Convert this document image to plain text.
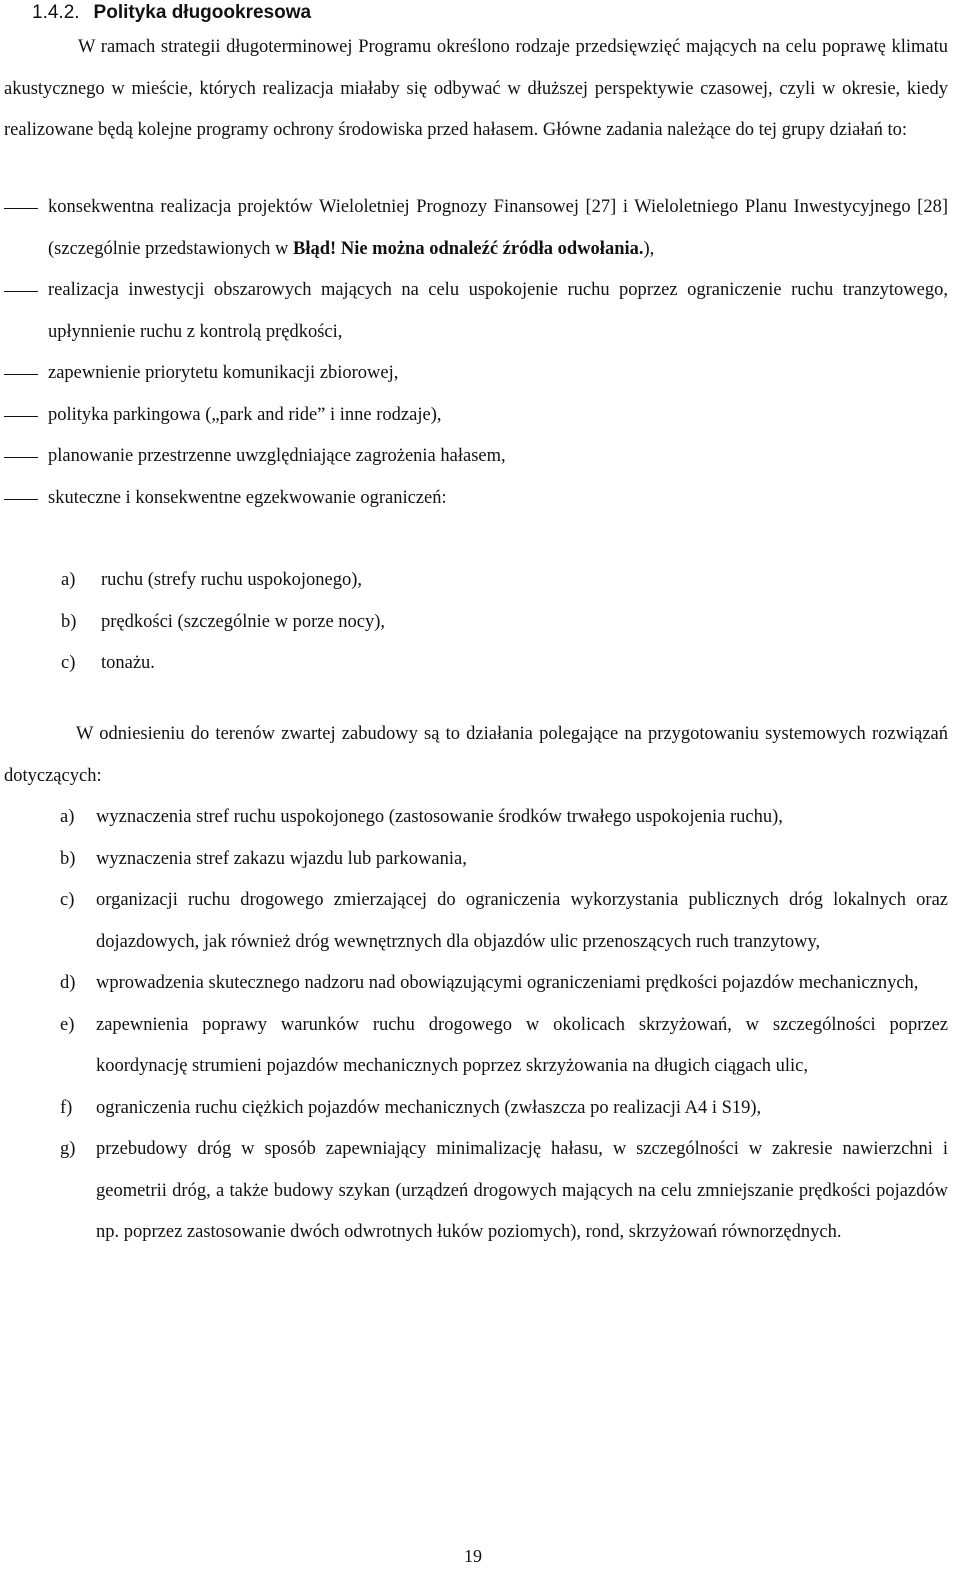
1.4.2. Polityka długookresowa

W ramach strategii długoterminowej Programu określono rodzaje przedsięwzięć mających na celu poprawę klimatu akustycznego w mieście, których realizacja miałaby się odbywać w dłuższej perspektywie czasowej, czyli w okresie, kiedy realizowane będą kolejne programy ochrony środowiska przed hałasem. Główne zadania należące do tej grupy działań to:

konsekwentna realizacja projektów Wieloletniej Prognozy Finansowej [27] i Wieloletniego Planu Inwestycyjnego [28] (szczególnie przedstawionych w Błąd! Nie można odnaleźć źródła odwołania.),
realizacja inwestycji obszarowych mających na celu uspokojenie ruchu poprzez ograniczenie ruchu tranzytowego, upłynnienie ruchu z kontrolą prędkości,
zapewnienie priorytetu komunikacji zbiorowej,
polityka parkingowa („park and ride” i inne rodzaje),
planowanie przestrzenne uwzględniające zagrożenia hałasem,
skuteczne i konsekwentne egzekwowanie ograniczeń:
a)	ruchu (strefy ruchu uspokojonego),
b)	prędkości (szczególnie w porze nocy),
c)	tonażu.

W odniesieniu do terenów zwartej zabudowy są to działania polegające na przygotowaniu systemowych rozwiązań dotyczących:

a) wyznaczenia stref ruchu uspokojonego (zastosowanie środków trwałego uspokojenia ruchu),
b) wyznaczenia stref zakazu wjazdu lub parkowania,
c) organizacji ruchu drogowego zmierzającej do ograniczenia wykorzystania publicznych dróg lokalnych oraz dojazdowych, jak również dróg wewnętrznych dla objazdów ulic przenoszących ruch tranzytowy,
d) wprowadzenia skutecznego nadzoru nad obowiązującymi ograniczeniami prędkości pojazdów mechanicznych,
e) zapewnienia poprawy warunków ruchu drogowego w okolicach skrzyżowań, w szczególności poprzez koordynację strumieni pojazdów mechanicznych poprzez skrzyżowania na długich ciągach ulic,
f) ograniczenia ruchu ciężkich pojazdów mechanicznych (zwłaszcza po realizacji A4 i S19),
g) przebudowy dróg w sposób zapewniający minimalizację hałasu, w szczególności w zakresie nawierzchni i geometrii dróg, a także budowy szykan (urządzeń drogowych mających na celu zmniejszanie prędkości pojazdów np. poprzez zastosowanie dwóch odwrotnych łuków poziomych), rond, skrzyżowań równorzędnych.

19
